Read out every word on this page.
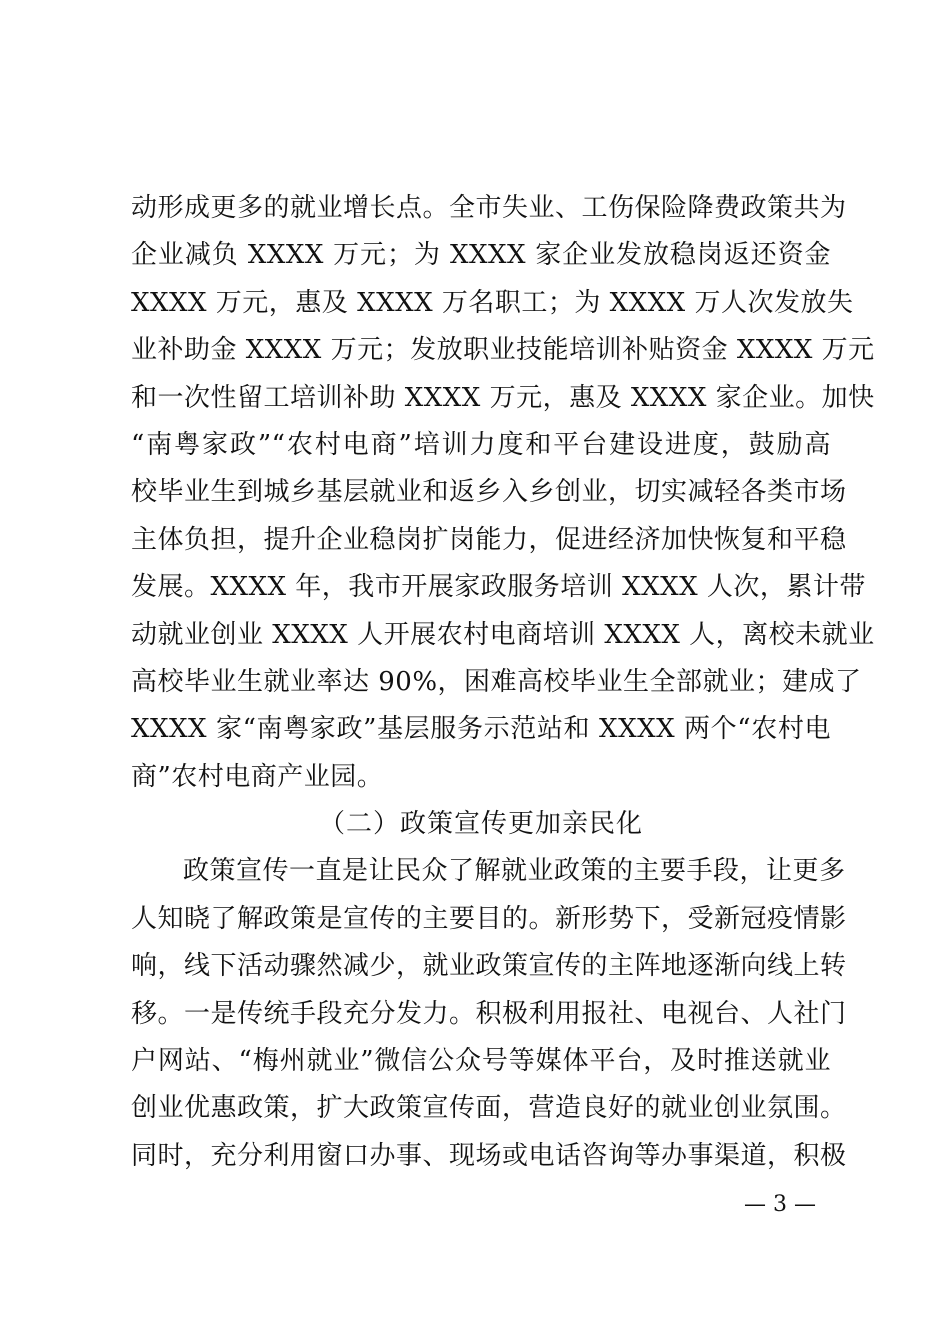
动形成更多的就业增长点。全市失业、工伤保险降费政策共为
企业减负 XXXX 万元；为 XXXX 家企业发放稳岗返还资金
XXXX 万元，惠及 XXXX 万名职工；为 XXXX 万人次发放失
业补助金 XXXX 万元；发放职业技能培训补贴资金 XXXX 万元
和一次性留工培训补助 XXXX 万元，惠及 XXXX 家企业。加快
“南粤家政”“农村电商”培训力度和平台建设进度，鼓励高
校毕业生到城乡基层就业和返乡入乡创业，切实减轻各类市场
主体负担，提升企业稳岗扩岗能力，促进经济加快恢复和平稳
发展。XXXX 年，我市开展家政服务培训 XXXX 人次，累计带
动就业创业 XXXX 人开展农村电商培训 XXXX 人，离校未就业
高校毕业生就业率达 90%，困难高校毕业生全部就业；建成了
XXXX 家“南粤家政”基层服务示范站和 XXXX 两个“农村电
商”农村电商产业园。
（二）政策宣传更加亲民化
政策宣传一直是让民众了解就业政策的主要手段，让更多
人知晓了解政策是宣传的主要目的。新形势下，受新冠疫情影
响，线下活动骤然减少，就业政策宣传的主阵地逐渐向线上转
移。一是传统手段充分发力。积极利用报社、电视台、人社门
户网站、“梅州就业”微信公众号等媒体平台，及时推送就业
创业优惠政策，扩大政策宣传面，营造良好的就业创业氛围。
同时，充分利用窗口办事、现场或电话咨询等办事渠道，积极
— 3 —
